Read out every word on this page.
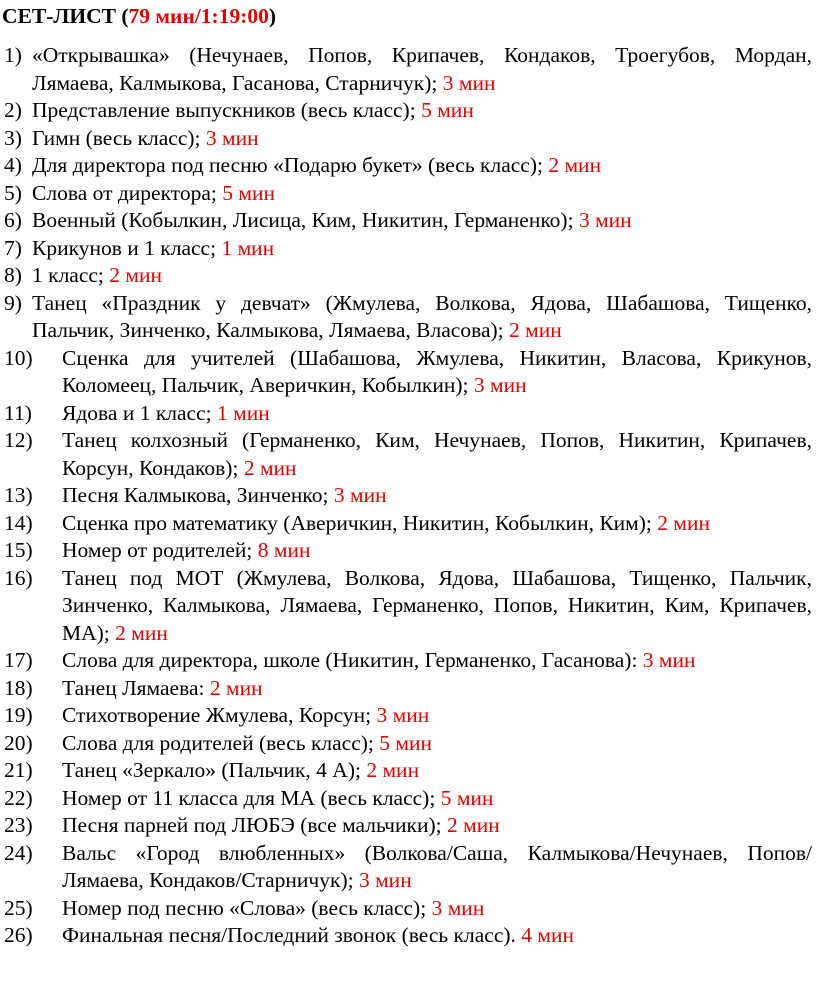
СЕТ-ЛИСТ (79 мин/1:19:00)
1) «Открывашка» (Нечунаев, Попов, Крипачев, Кондаков, Троегубов, Мордан, Лямаева, Калмыкова, Гасанова, Старничук); 3 мин
2) Представление выпускников (весь класс); 5 мин
3) Гимн (весь класс); 3 мин
4) Для директора под песню «Подарю букет» (весь класс); 2 мин
5) Слова от директора; 5 мин
6) Военный (Кобылкин, Лисица, Ким, Никитин, Германенко); 3 мин
7) Крикунов и 1 класс; 1 мин
8) 1 класс; 2 мин
9) Танец «Праздник у девчат» (Жмулева, Волкова, Ядова, Шабашова, Тищенко, Пальчик, Зинченко, Калмыкова, Лямаева, Власова); 2 мин
10) Сценка для учителей (Шабашова, Жмулева, Никитин, Власова, Крикунов, Коломеец, Пальчик, Аверичкин, Кобылкин); 3 мин
11) Ядова и 1 класс; 1 мин
12) Танец колхозный (Германенко, Ким, Нечунаев, Попов, Никитин, Крипачев, Корсун, Кондаков); 2 мин
13) Песня Калмыкова, Зинченко; 3 мин
14) Сценка про математику (Аверичкин, Никитин, Кобылкин, Ким); 2 мин
15) Номер от родителей; 8 мин
16) Танец под МОТ (Жмулева, Волкова, Ядова, Шабашова, Тищенко, Пальчик, Зинченко, Калмыкова, Лямаева, Германенко, Попов, Никитин, Ким, Крипачев, МА); 2 мин
17) Слова для директора, школе (Никитин, Германенко, Гасанова): 3 мин
18) Танец Лямаева: 2 мин
19) Стихотворение Жмулева, Корсун; 3 мин
20) Слова для родителей (весь класс); 5 мин
21) Танец «Зеркало» (Пальчик, 4 А); 2 мин
22) Номер от 11 класса для МА (весь класс); 5 мин
23) Песня парней под ЛЮБЭ (все мальчики); 2 мин
24) Вальс «Город влюбленных» (Волкова/Саша, Калмыкова/Нечунаев, Попов/Лямаева, Кондаков/Старничук); 3 мин
25) Номер под песню «Слова» (весь класс); 3 мин
26) Финальная песня/Последний звонок (весь класс). 4 мин
